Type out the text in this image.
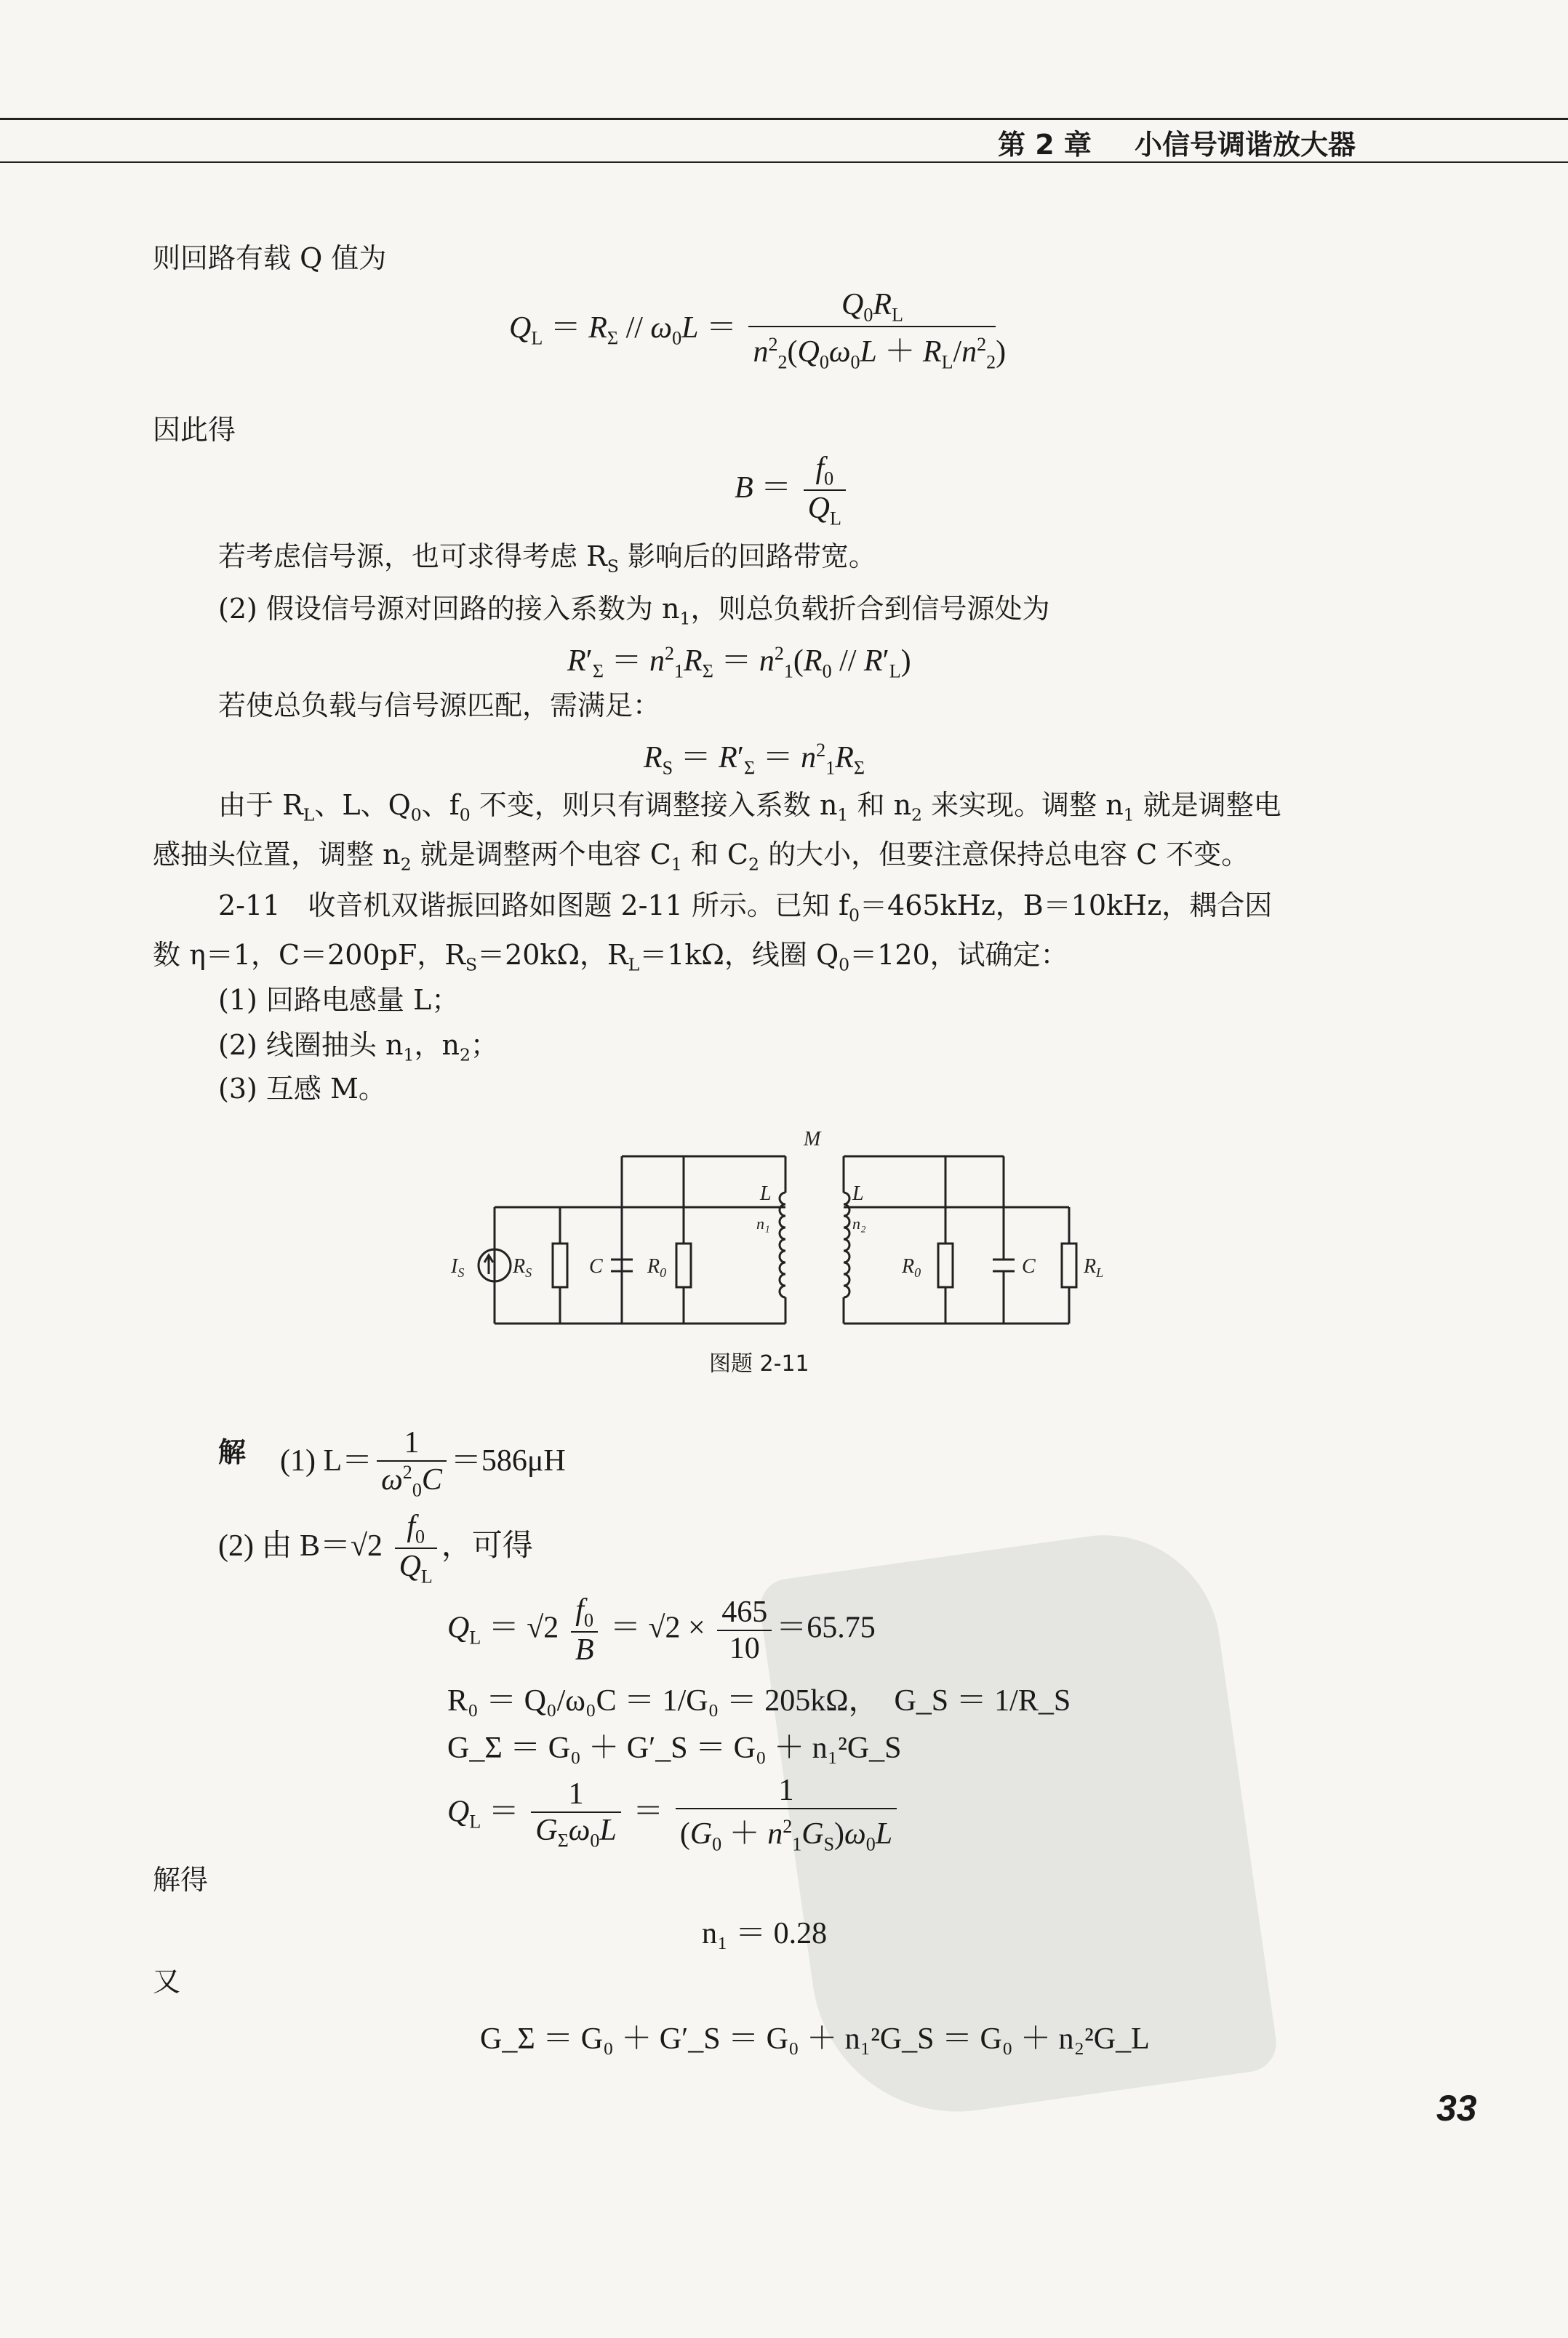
第 2 章 小信号调谐放大器
则回路有载 Q 值为
$Q_L = R_\Sigma // \omega_0L = \frac{Q_0R_L}{n^2_2(Q_0\omega_0L + R_L/n^2_2)}$
因此得
$B = \frac{f_0}{Q_L}$
若考虑信号源，也可求得考虑 $R_S$ 影响后的回路带宽。
(2) 假设信号源对回路的接入系数为 $n_1$，则总负载折合到信号源处为
$R'_\Sigma = n^2_1R_\Sigma = n^2_1(R_0 // R'_L)$
若使总负载与信号源匹配，需满足：
$R_S = R'_\Sigma = n^2_1R_\Sigma$
由于 $R_L$、L、$Q_0$、$f_0$ 不变，则只有调整接入系数 $n_1$ 和 $n_2$ 来实现。调整 $n_1$ 就是调整电
感抽头位置，调整 $n_2$ 就是调整两个电容 $C_1$ 和 $C_2$ 的大小，但要注意保持总电容 C 不变。
2-11　收音机双谐振回路如图题 2-11 所示。已知 $f_0=465kHz$，B＝10kHz，耦合因
数 η＝1，C＝200pF，$R_S=20k\Omega$，$R_L=1k\Omega$，线圈 $Q_0=120$，试确定：
(1) 回路电感量 L；
(2) 线圈抽头 $n_1$，$n_2$；
(3) 互感 M。
M
L
n₁
L
n₂
$I_S$ $R_S$	C $R_0$	$R_0$	C $R_L$
图题 2-11
解 (1) $L= \frac{1}{\omega^2_0C} =586\mu H$
(2) 由 $B=√2 \frac{f_0}{Q_L}$ ，可得
$Q_L = √2 \frac{f_0}{B} = √2 \times \frac{465}{10} =65.75$
R₀ ＝ Q₀/ω₀C ＝ 1/G₀ ＝ 205kΩ，　G_S ＝ 1/R_S
G_Σ ＝ G₀ ＋ G′_S ＝ G₀ ＋ n₁²G_S
$Q_L = \frac{1}{G_\Sigma\omega_0L} = \frac{1}{(G_0 + n^2_1G_S)\omega_0L}$
解得
n₁ ＝ 0.28
又
G_Σ ＝ G₀ ＋ G′_S ＝ G₀ ＋ n₁²G_S ＝ G₀ ＋ n₂²G_L
33
